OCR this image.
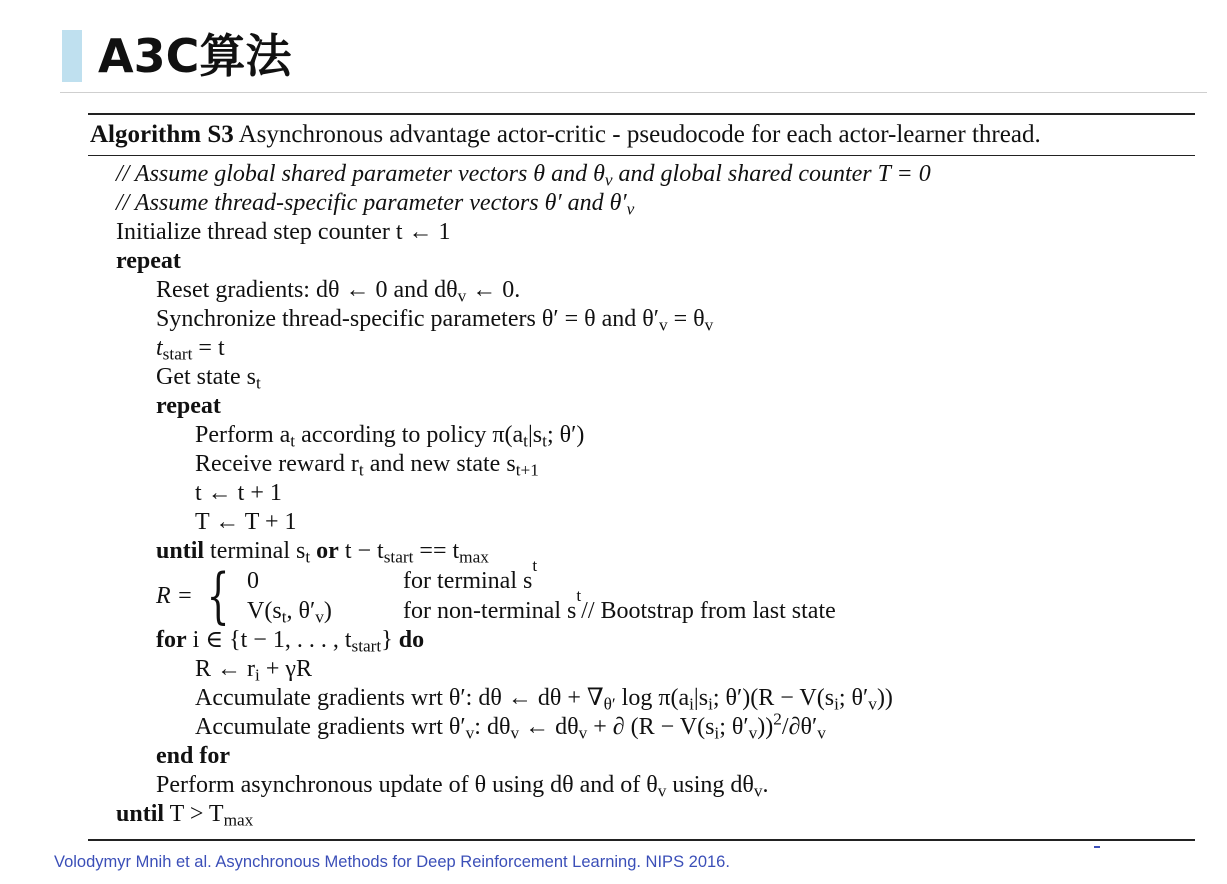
A3C算法
Algorithm S3 Asynchronous advantage actor-critic - pseudocode for each actor-learner thread.
// Assume global shared parameter vectors θ and $\theta_v$ and global shared counter T = 0
// Assume thread-specific parameter vectors θ′ and $\theta'_v$
Initialize thread step counter t ← 1
repeat
Reset gradients: dθ ← 0 and $d\theta_v$ ← 0.
Synchronize thread-specific parameters θ′ = θ and $\theta'_v = \theta_v$
$t_{start} = t$
Get state $s_t$
repeat
Perform $a_t$ according to policy $\pi(a_t|s_t$; θ′)
Receive reward $r_t$ and new state $s_{t+1}$
t ← t + 1
T ← T + 1
until terminal $s_t$ or $t - t_{start} == t_{max}$
R = { 0	for terminal s
t
$V(s_t$, $\theta'_v$)	for non-terminal s
t
// Bootstrap from last state
for i ∈ {t − 1, . . . , $t_{start}$} do
R ← $r_i + \gamma R$
Accumulate gradients wrt θ′: dθ ← $d\theta + \nabla_{\theta'}$ $\log \pi(a_i|s_i$; $\theta')(R - V(s_i$; $\theta'_v$))
Accumulate gradients wrt $\theta'_v$: $d\theta_v$ ← $d\theta_v$ + ∂ ($R - V(s_i$; $\theta'_v))^2/\partial\theta'_v$
end for
Perform asynchronous update of θ using dθ and of $\theta_v$ using $d\theta_v$.
until $T > T_{max}$
Volodymyr Mnih et al. Asynchronous Methods for Deep Reinforcement Learning. NIPS 2016.
